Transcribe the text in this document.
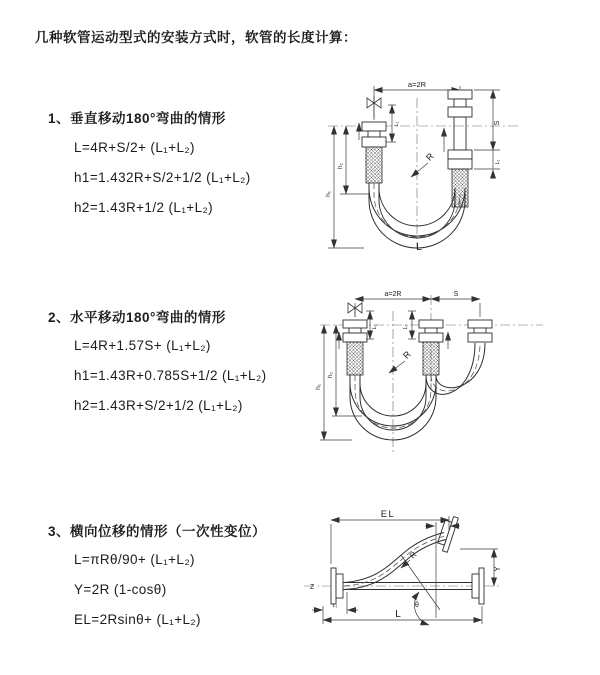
几种软管运动型式的安装方式时，软管的长度计算：
1、垂直移动180°弯曲的情形
L=4R+S/2+ (L₁+L₂)
h1=1.432R+S/2+1/2 (L₁+L₂)
h2=1.43R+1/2 (L₁+L₂)
2、水平移动180°弯曲的情形
L=4R+1.57S+ (L₁+L₂)
h1=1.43R+0.785S+1/2 (L₁+L₂)
h2=1.43R+S/2+1/2 (L₁+L₂)
3、横向位移的情形（一次性变位）
L=πRθ/90+ (L₁+L₂)
Y=2R (1-cosθ)
EL=2Rsinθ+ (L₁+L₂)
a=2R
h₁
h₂
S
L₁
L₁
R
L
a=2R	S
L₁	L₁
h₁
h₂
R
Z
θ
EL
L₁
Y
L₁
L
R
